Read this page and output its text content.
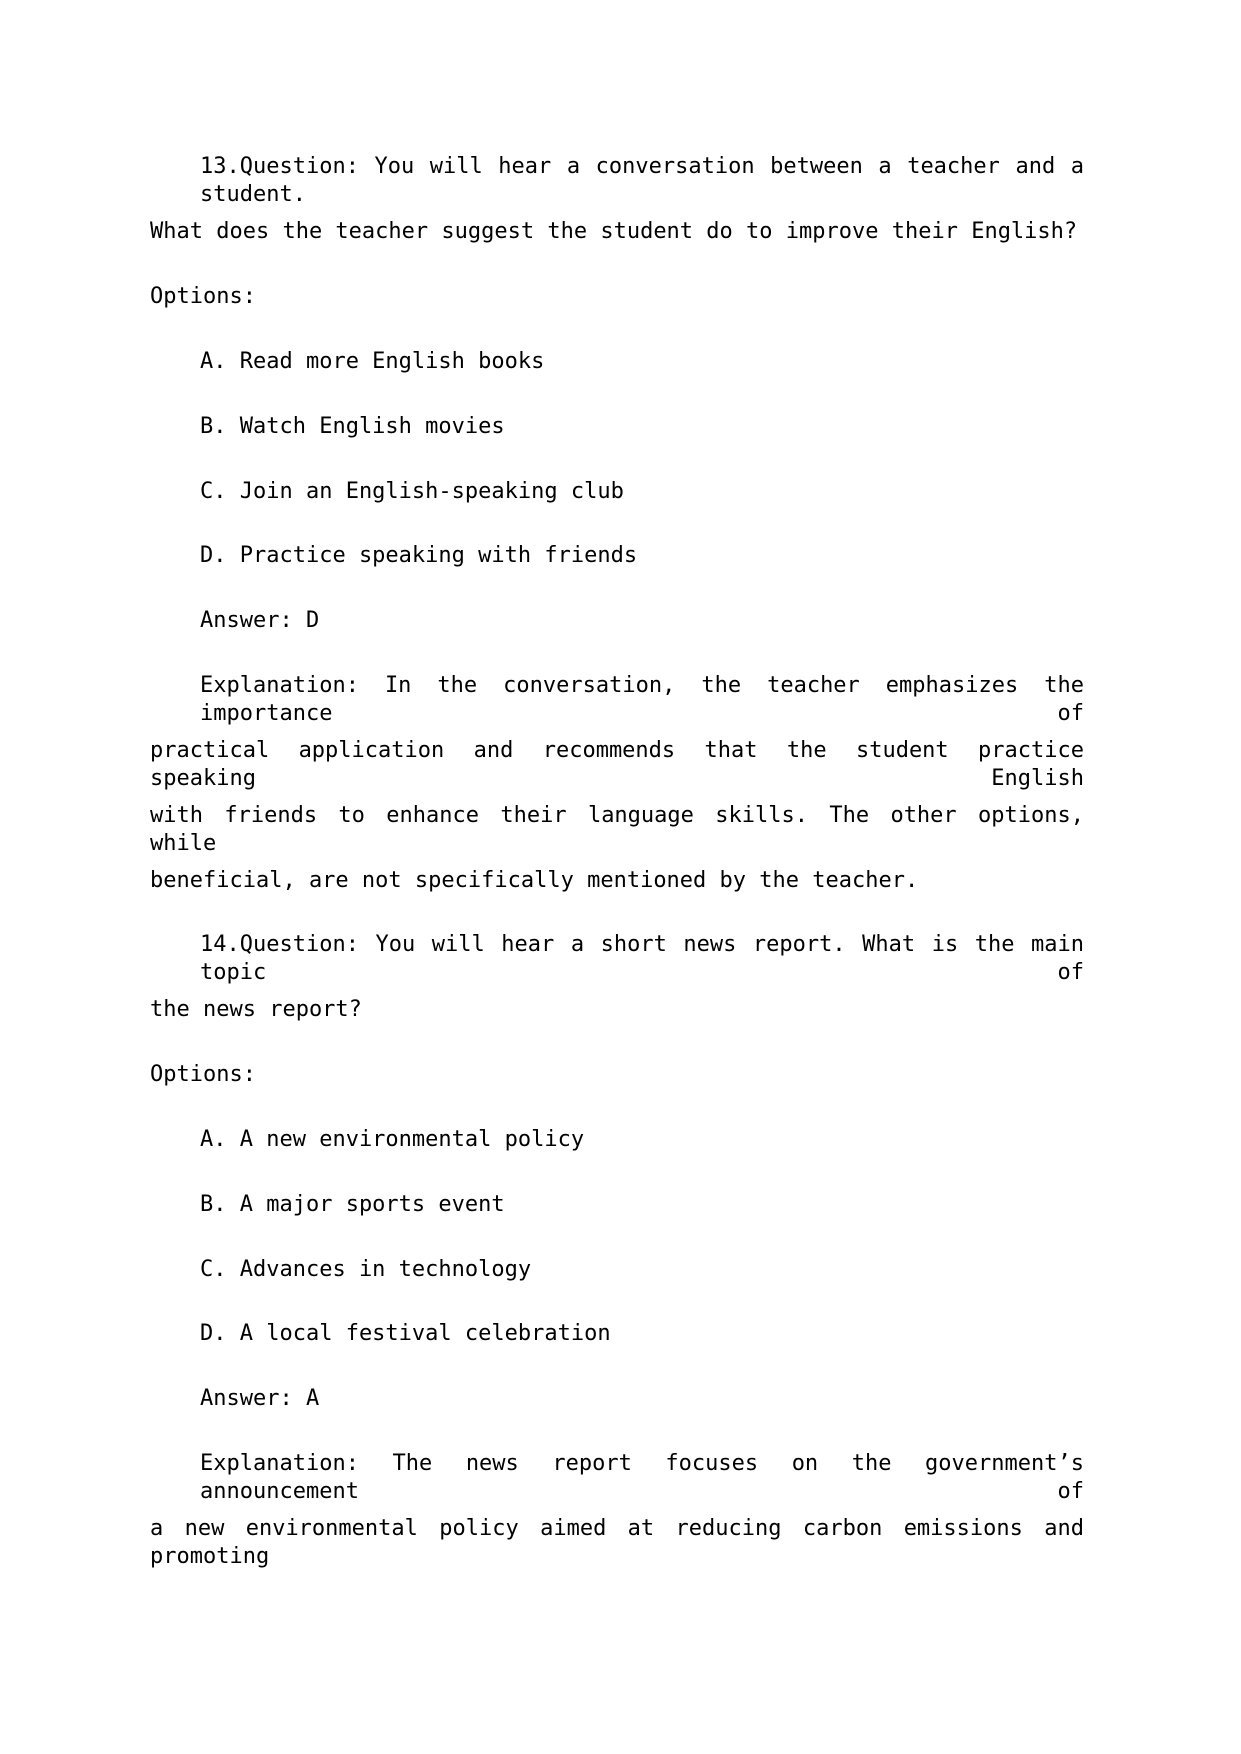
13.Question: You will hear a conversation between a teacher and a student.
What does the teacher suggest the student do to improve their English?
Options:
A. Read more English books
B. Watch English movies
C. Join an English-speaking club
D. Practice speaking with friends
Answer: D
Explanation: In the conversation, the teacher emphasizes the importance of
practical application and recommends that the student practice speaking English
with friends to enhance their language skills. The other options, while
beneficial, are not specifically mentioned by the teacher.
14.Question: You will hear a short news report. What is the main topic of
the news report?
Options:
A. A new environmental policy
B. A major sports event
C. Advances in technology
D. A local festival celebration
Answer: A
Explanation: The news report focuses on the government’s announcement of
a new environmental policy aimed at reducing carbon emissions and promoting
